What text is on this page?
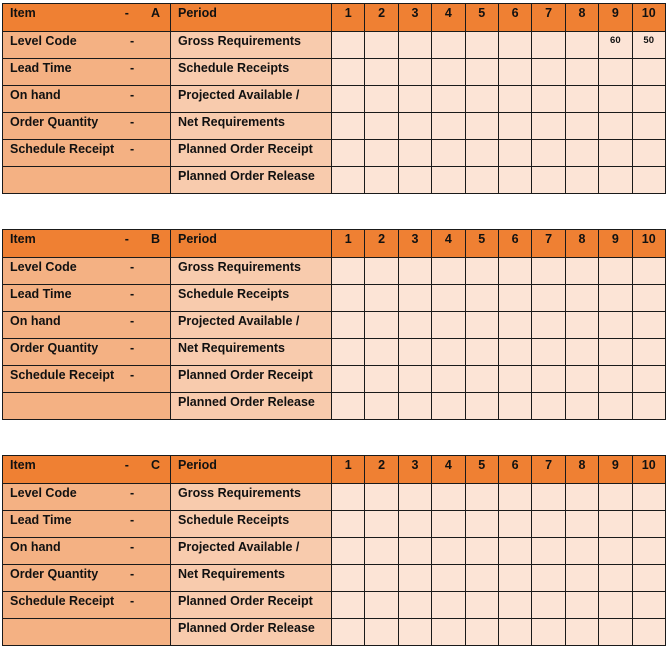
Item - A	Period	1	2	3	4	5	6	7	8	9	10

Level Code -	Gross Requirements									60	50

Lead Time -	Schedule Receipts										

On hand -	Projected Available /										

Order Quantity -	Net Requirements										

Schedule Receipt -	Planned Order Receipt										

	Planned Order Release										
Item - B	Period	1	2	3	4	5	6	7	8	9	10

Level Code -	Gross Requirements										

Lead Time -	Schedule Receipts										

On hand -	Projected Available /										

Order Quantity -	Net Requirements										

Schedule Receipt -	Planned Order Receipt										

	Planned Order Release										
Item - C	Period	1	2	3	4	5	6	7	8	9	10

Level Code -	Gross Requirements										

Lead Time -	Schedule Receipts										

On hand -	Projected Available /										

Order Quantity -	Net Requirements										

Schedule Receipt -	Planned Order Receipt										

	Planned Order Release										
